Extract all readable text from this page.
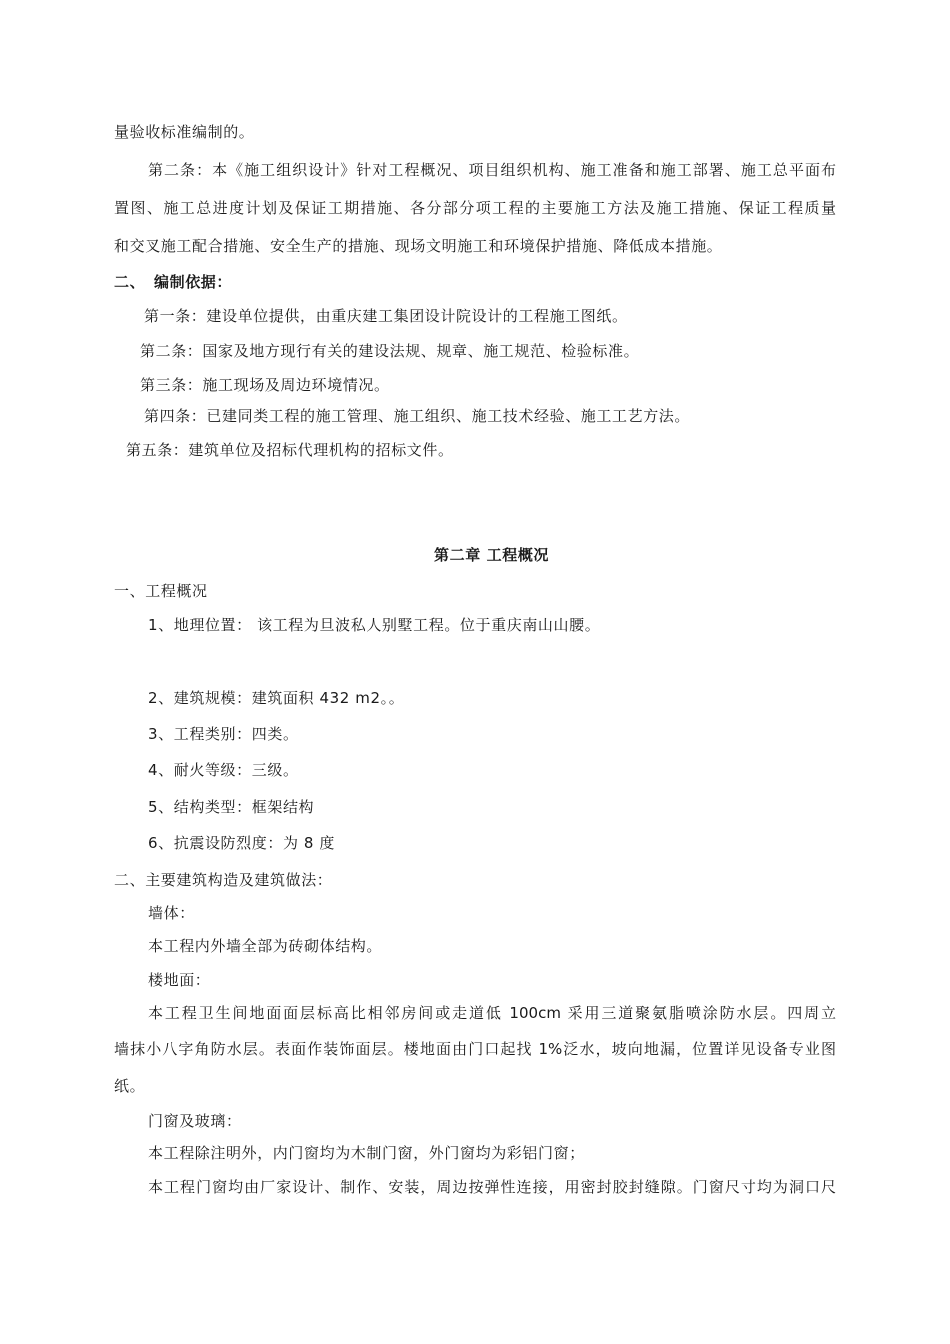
量验收标准编制的。
第二条：本《施工组织设计》针对工程概况、项目组织机构、施工准备和施工部署、施工总平面布
置图、施工总进度计划及保证工期措施、各分部分项工程的主要施工方法及施工措施、保证工程质量
和交叉施工配合措施、安全生产的措施、现场文明施工和环境保护措施、降低成本措施。
二、 编制依据：
第一条：建设单位提供，由重庆建工集团设计院设计的工程施工图纸。
第二条：国家及地方现行有关的建设法规、规章、施工规范、检验标准。
第三条：施工现场及周边环境情况。
第四条：已建同类工程的施工管理、施工组织、施工技术经验、施工工艺方法。
第五条：建筑单位及招标代理机构的招标文件。
第二章 工程概况
一、工程概况
1、地理位置： 该工程为旦波私人别墅工程。位于重庆南山山腰。
2、建筑规模：建筑面积 432 m2。。
3、工程类别：四类。
4、耐火等级：三级。
5、结构类型：框架结构
6、抗震设防烈度：为 8 度
二、主要建筑构造及建筑做法：
墙体：
本工程内外墙全部为砖砌体结构。
楼地面：
本工程卫生间地面面层标高比相邻房间或走道低 100cm 采用三道聚氨脂喷涂防水层。四周立
墙抹小八字角防水层。表面作装饰面层。楼地面由门口起找 1%泛水，坡向地漏，位置详见设备专业图
纸。
门窗及玻璃：
本工程除注明外，内门窗均为木制门窗，外门窗均为彩铝门窗；
本工程门窗均由厂家设计、制作、安装，周边按弹性连接，用密封胶封缝隙。门窗尺寸均为洞口尺
